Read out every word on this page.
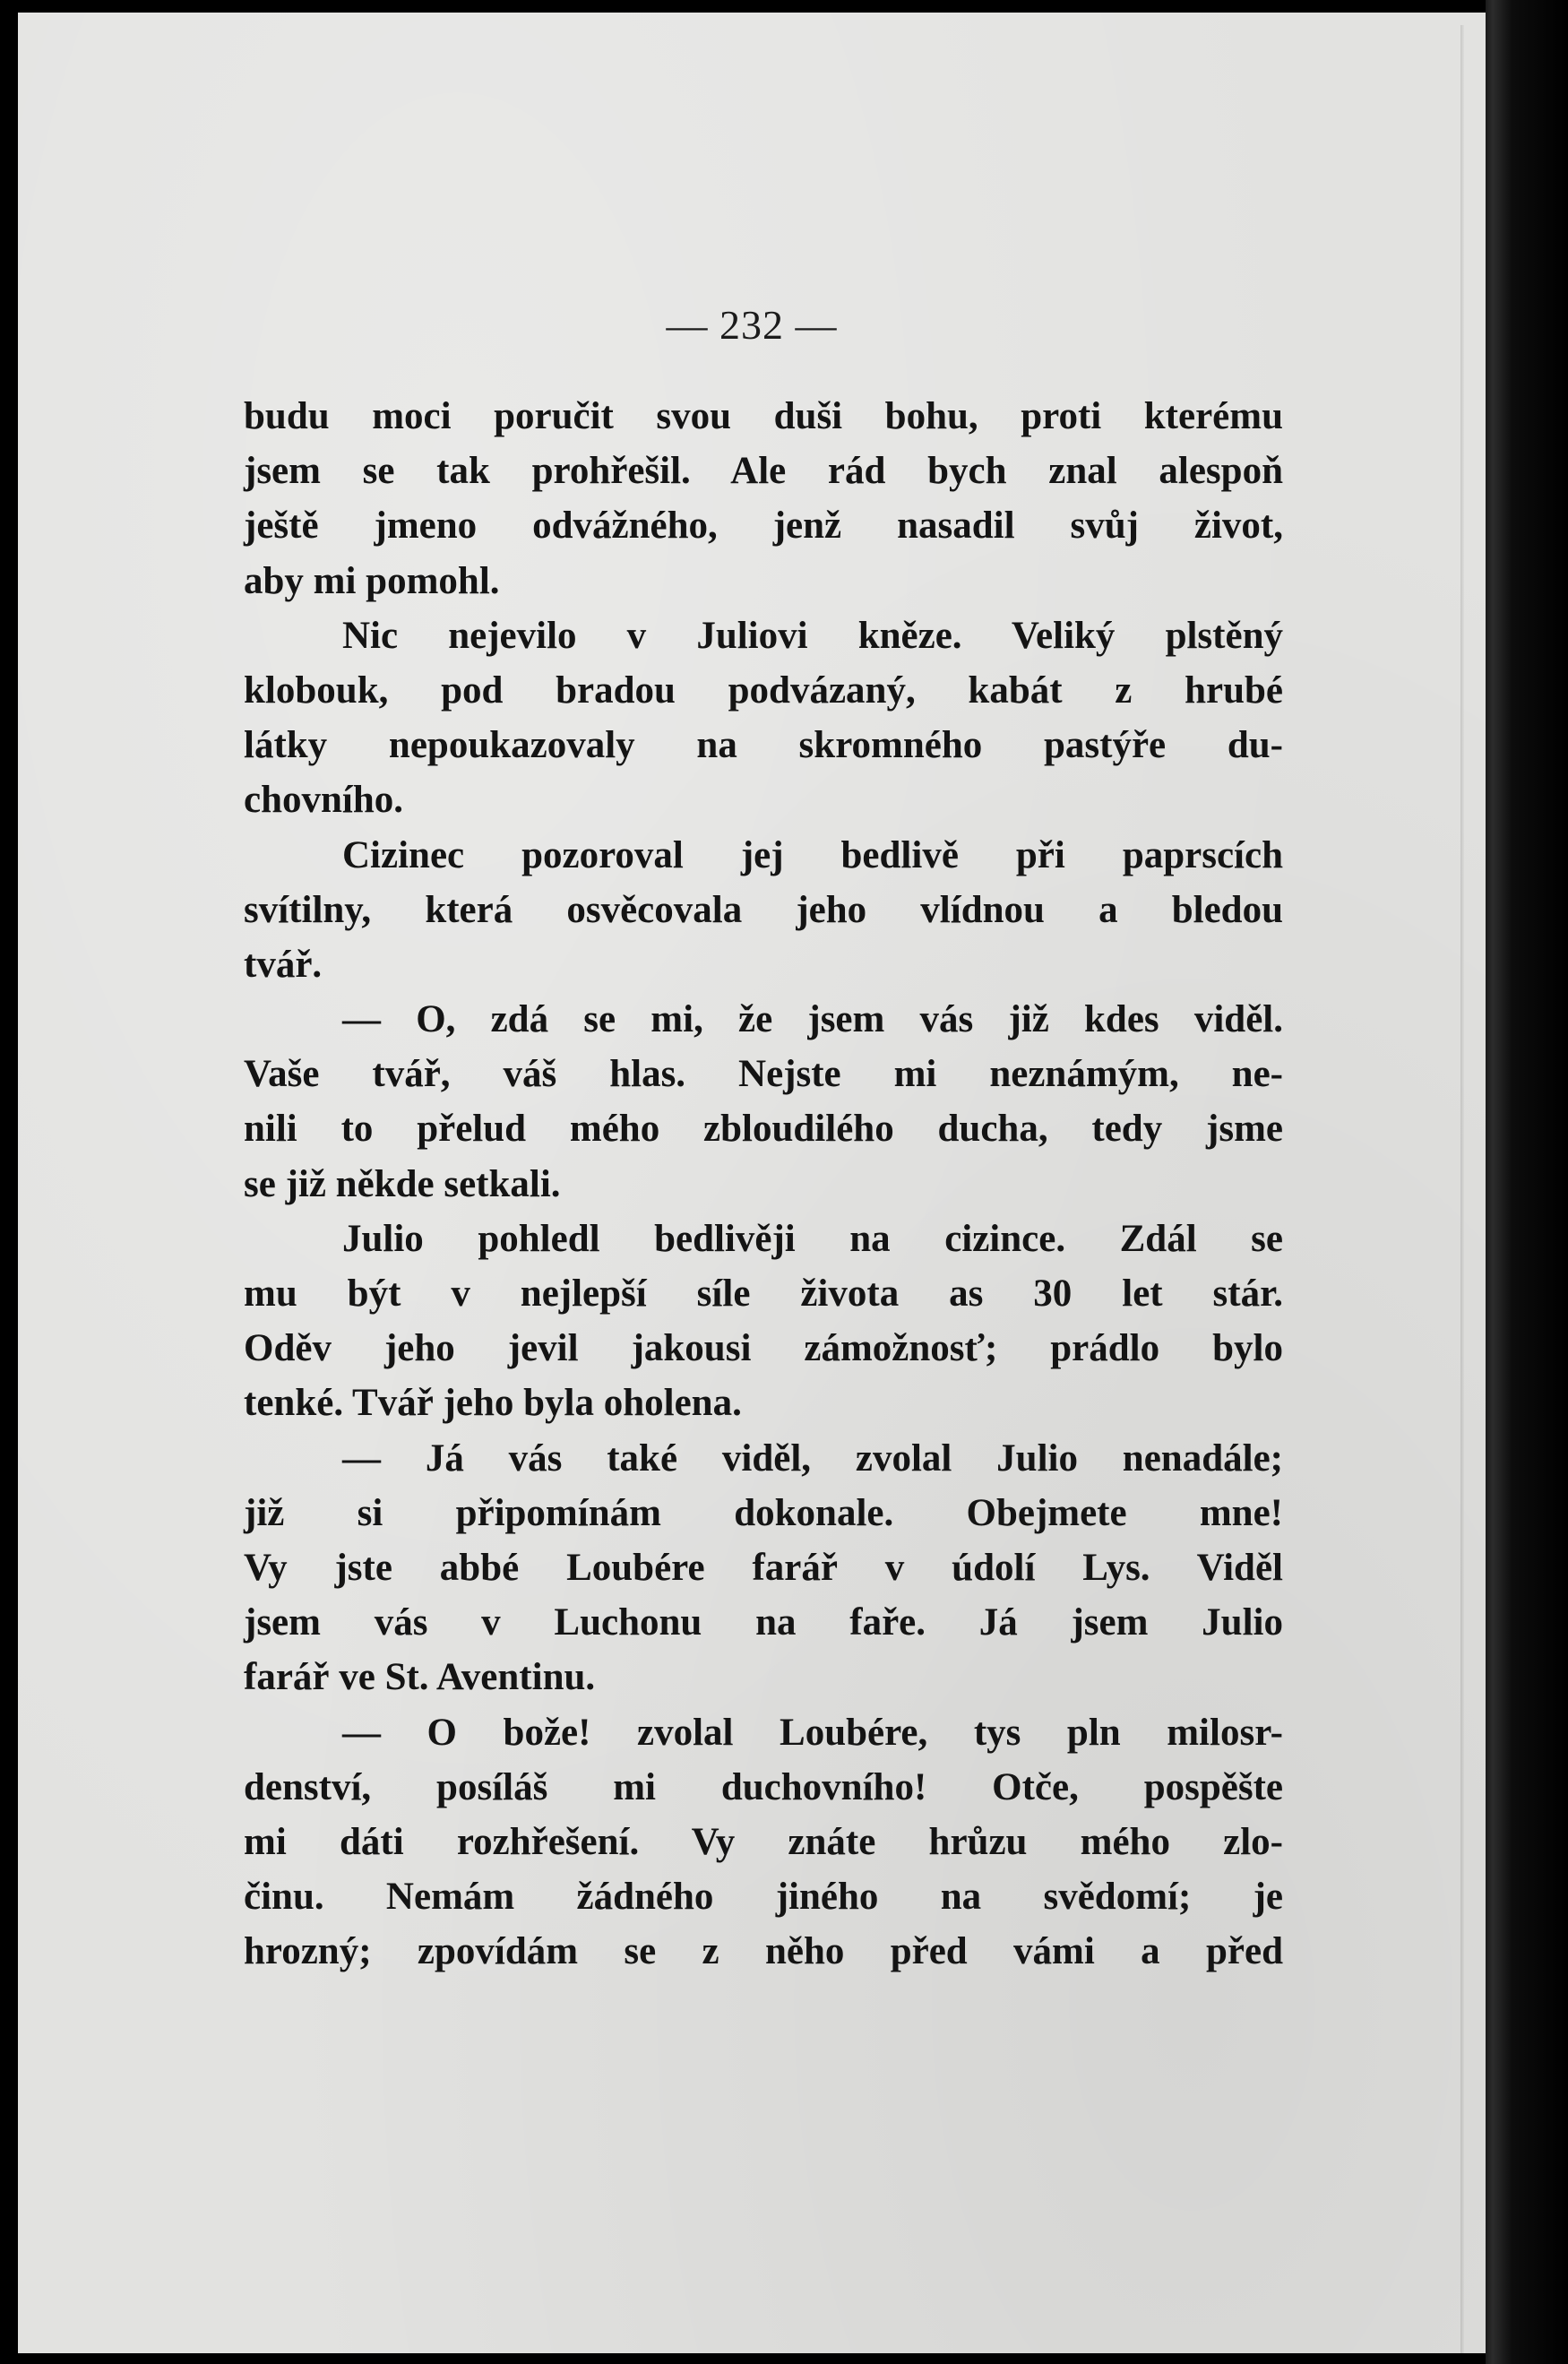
— 232 —
budu moci poručit svou duši bohu, proti kterému
jsem se tak prohřešil. Ale rád bych znal alespoň
ještě jmeno odvážného, jenž nasadil svůj život,
aby mi pomohl.
Nic nejevilo v Juliovi kněze. Veliký plstěný
klobouk, pod bradou podvázaný, kabát z hrubé
látky nepoukazovaly na skromného pastýře du-
chovního.
Cizinec pozoroval jej bedlivě při paprscích
svítilny, která osvěcovala jeho vlídnou a bledou
tvář.
— O, zdá se mi, že jsem vás již kdes viděl.
Vaše tvář, váš hlas. Nejste mi neznámým, ne-
nili to přelud mého zbloudilého ducha, tedy jsme
se již někde setkali.
Julio pohledl bedlivěji na cizince. Zdál se
mu být v nejlepší síle života as 30 let stár.
Oděv jeho jevil jakousi zámožnosť; prádlo bylo
tenké. Tvář jeho byla oholena.
— Já vás také viděl, zvolal Julio nenadále;
již si připomínám dokonale. Obejmete mne!
Vy jste abbé Loubére farář v údolí Lys. Viděl
jsem vás v Luchonu na faře. Já jsem Julio
farář ve St. Aventinu.
— O bože! zvolal Loubére, tys pln milosr-
denství, posíláš mi duchovního! Otče, pospěšte
mi dáti rozhřešení. Vy znáte hrůzu mého zlo-
činu. Nemám žádného jiného na svědomí; je
hrozný; zpovídám se z něho před vámi a před
